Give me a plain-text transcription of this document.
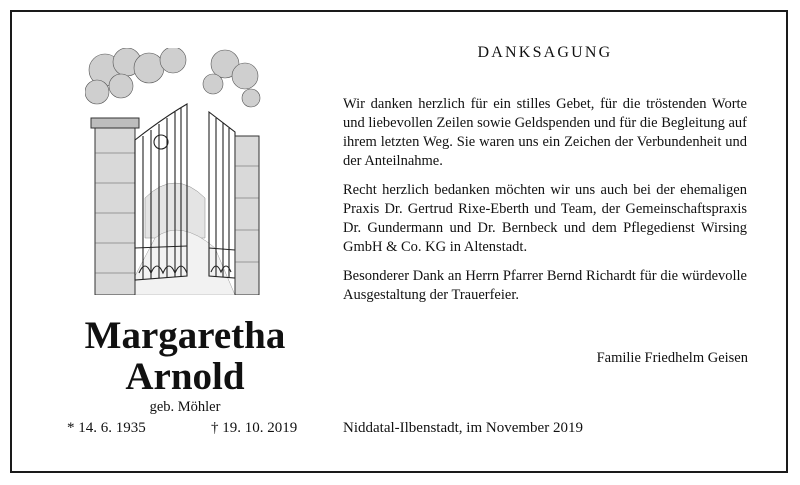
DANKSAGUNG

Wir danken herzlich für ein stilles Gebet, für die tröstenden Worte und liebevollen Zeilen sowie Geldspenden und für die Begleitung auf ihrem letzten Weg. Sie waren uns ein Zeichen der Verbundenheit und der Anteilnahme.

Recht herzlich bedanken möchten wir uns auch bei der ehemaligen Praxis Dr. Gertrud Rixe-Eberth und Team, der Gemeinschaftspraxis Dr. Gundermann und Dr. Bernbeck und dem Pflegedienst Wirsing GmbH & Co. KG in Altenstadt.

Besonderer Dank an Herrn Pfarrer Bernd Richardt für die würdevolle Ausgestaltung der Trauerfeier.

Margaretha
Arnold
geb. Möhler
* 14. 6. 1935	† 19. 10. 2019
Familie Friedhelm Geisen
Niddatal-Ilbenstadt, im November 2019
